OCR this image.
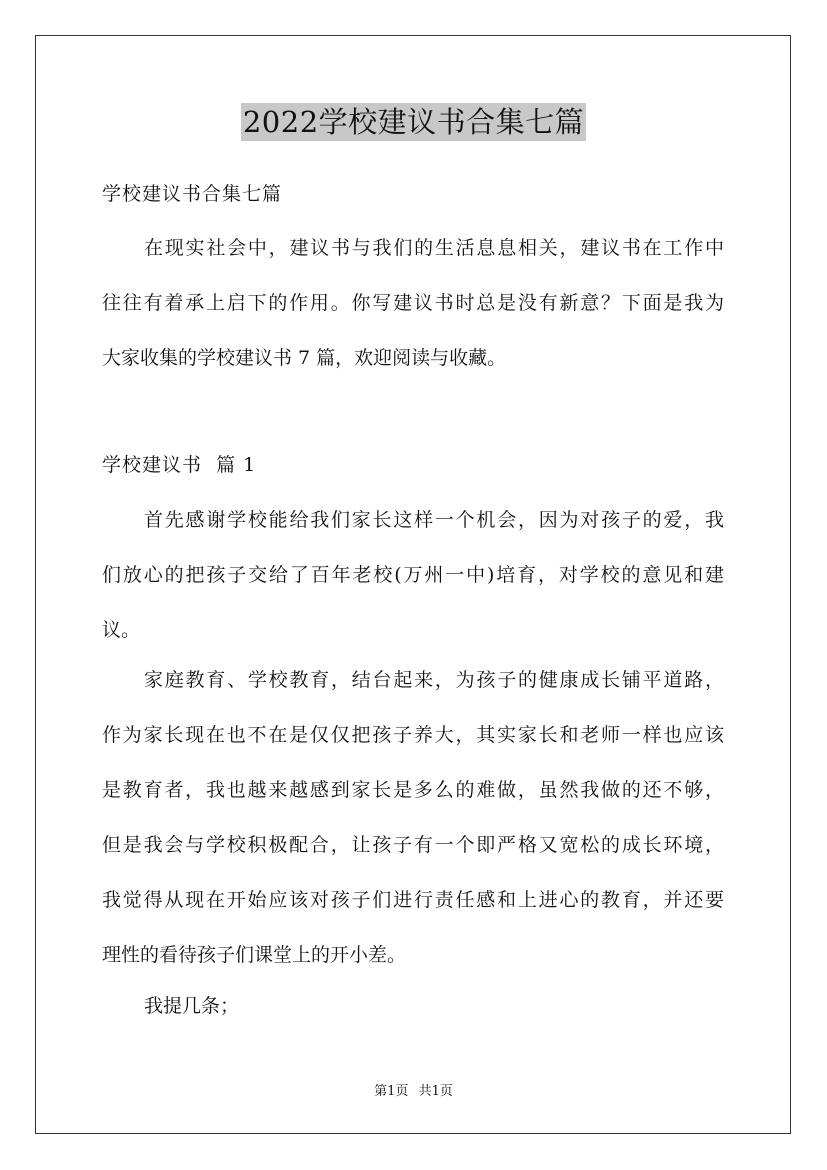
2022学校建议书合集七篇
学校建议书合集七篇
在现实社会中，建议书与我们的生活息息相关，建议书在工作中
往往有着承上启下的作用。你写建议书时总是没有新意？下面是我为
大家收集的学校建议书 7 篇，欢迎阅读与收藏。
学校建议书  篇 1
首先感谢学校能给我们家长这样一个机会，因为对孩子的爱，我
们放心的把孩子交给了百年老校(万州一中)培育，对学校的意见和建
议。
家庭教育、学校教育，结台起来，为孩子的健康成长铺平道路，
作为家长现在也不在是仅仅把孩子养大，其实家长和老师一样也应该
是教育者，我也越来越感到家长是多么的难做，虽然我做的还不够，
但是我会与学校积极配合，让孩子有一个即严格又宽松的成长环境，
我觉得从现在开始应该对孩子们进行责任感和上进心的教育，并还要
理性的看待孩子们课堂上的开小差。
我提几条；
第1页 共1页
